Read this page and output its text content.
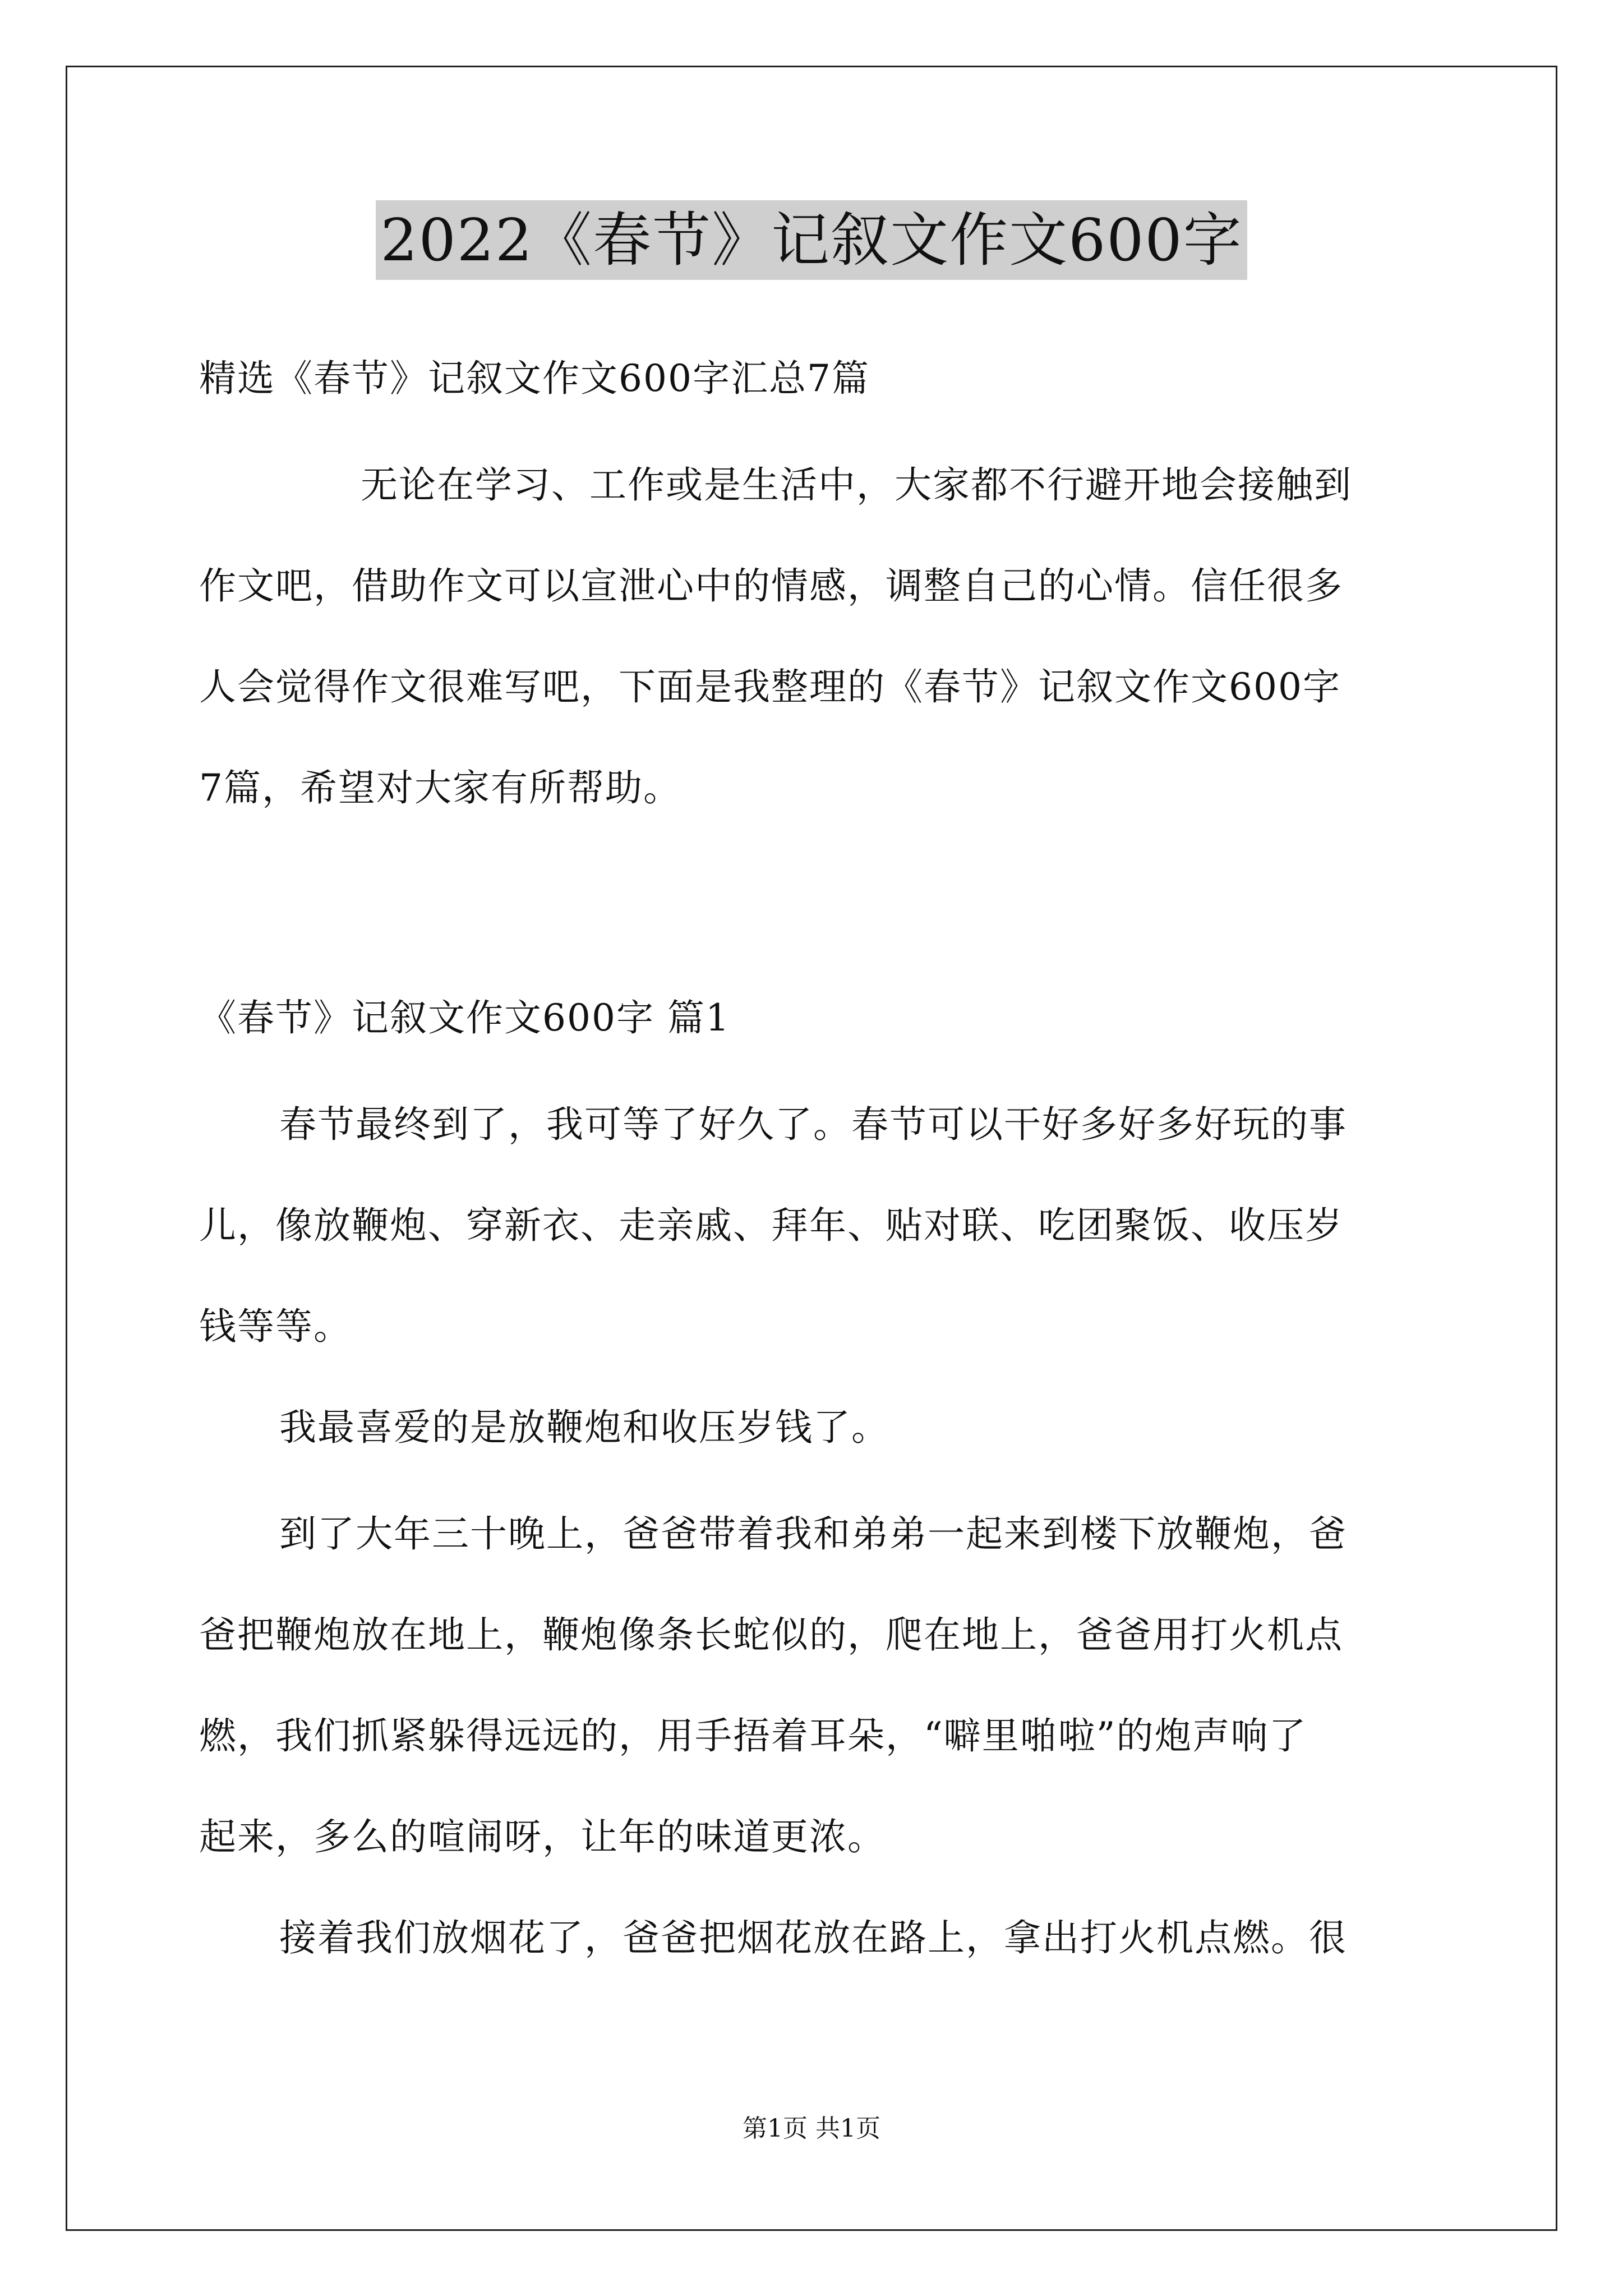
2022《春节》记叙文作文600字
精选《春节》记叙文作文600字汇总7篇
无论在学习、工作或是生活中，大家都不行避开地会接触到
作文吧，借助作文可以宣泄心中的情感，调整自己的心情。信任很多
人会觉得作文很难写吧，下面是我整理的《春节》记叙文作文600字
7篇，希望对大家有所帮助。
《春节》记叙文作文600字 篇1
春节最终到了，我可等了好久了。春节可以干好多好多好玩的事
儿，像放鞭炮、穿新衣、走亲戚、拜年、贴对联、吃团聚饭、收压岁
钱等等。
我最喜爱的是放鞭炮和收压岁钱了。
到了大年三十晚上，爸爸带着我和弟弟一起来到楼下放鞭炮，爸
爸把鞭炮放在地上，鞭炮像条长蛇似的，爬在地上，爸爸用打火机点
燃，我们抓紧躲得远远的，用手捂着耳朵，“噼里啪啦”的炮声响了
起来，多么的喧闹呀，让年的味道更浓。
接着我们放烟花了，爸爸把烟花放在路上，拿出打火机点燃。很
第1页 共1页
